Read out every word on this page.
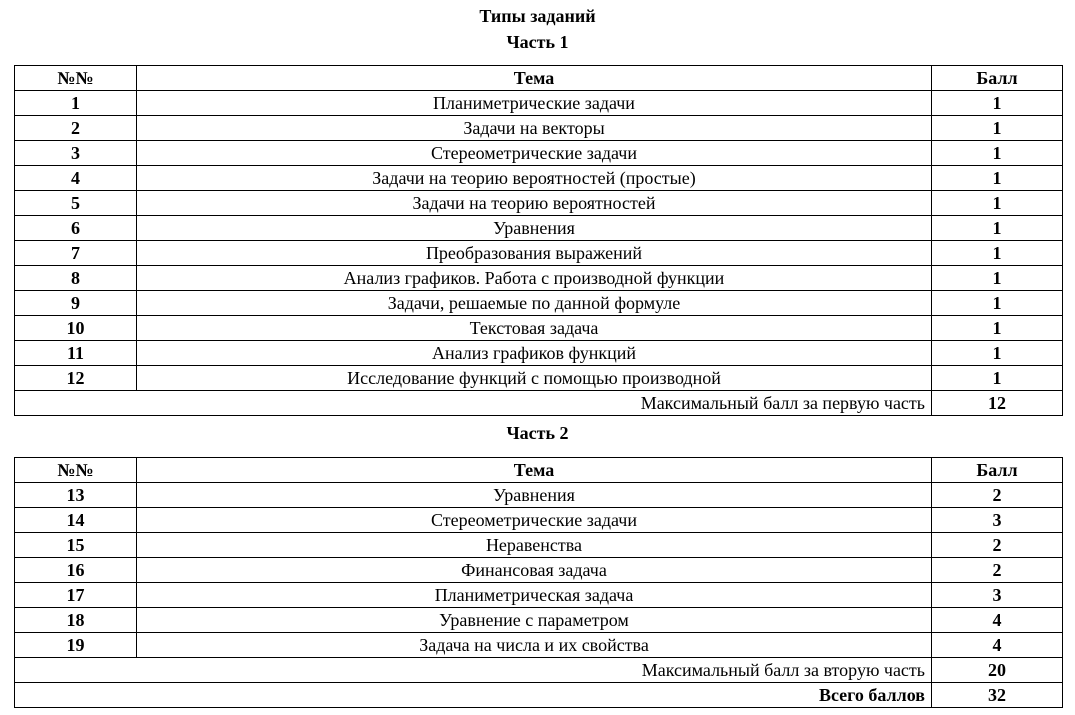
Типы заданий
Часть 1
№№	Тема	Балл
1	Планиметрические задачи	1
2	Задачи на векторы	1
3	Стереометрические задачи	1
4	Задачи на теорию вероятностей (простые)	1
5	Задачи на теорию вероятностей	1
6	Уравнения	1
7	Преобразования выражений	1
8	Анализ графиков. Работа с производной функции	1
9	Задачи, решаемые по данной формуле	1
10	Текстовая задача	1
11	Анализ графиков функций	1
12	Исследование функций с помощью производной	1
Максимальный балл за первую часть		12
Часть 2
№№	Тема	Балл
13	Уравнения	2
14	Стереометрические задачи	3
15	Неравенства	2
16	Финансовая задача	2
17	Планиметрическая задача	3
18	Уравнение с параметром	4
19	Задача на числа и их свойства	4
Максимальный балл за вторую часть		20
Всего баллов		32
